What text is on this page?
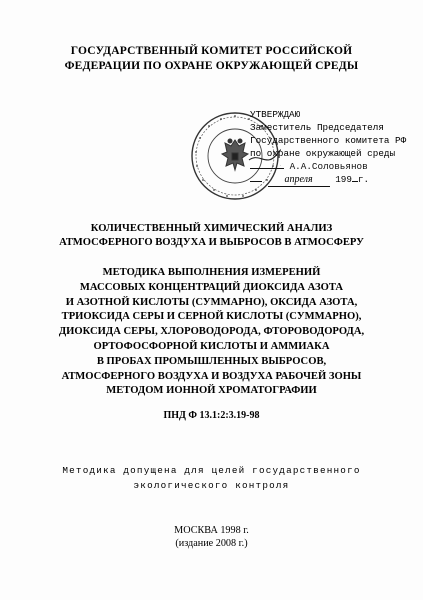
ГОСУДАРСТВЕННЫЙ КОМИТЕТ РОССИЙСКОЙ
ФЕДЕРАЦИИ ПО ОХРАНЕ ОКРУЖАЮЩЕЙ СРЕДЫ
УТВЕРЖДАЮ
Заместитель Председателя
Государственного комитета РФ
по охране окружающей среды
А.А.Соловьянов
апреля 199 г.
КОЛИЧЕСТВЕННЫЙ ХИМИЧЕСКИЙ АНАЛИЗ
АТМОСФЕРНОГО ВОЗДУХА И ВЫБРОСОВ В АТМОСФЕРУ
МЕТОДИКА ВЫПОЛНЕНИЯ ИЗМЕРЕНИЙ
МАССОВЫХ КОНЦЕНТРАЦИЙ ДИОКСИДА АЗОТА
И АЗОТНОЙ КИСЛОТЫ (СУММАРНО), ОКСИДА АЗОТА,
ТРИОКСИДА СЕРЫ И СЕРНОЙ КИСЛОТЫ (СУММАРНО),
ДИОКСИДА СЕРЫ, ХЛОРОВОДОРОДА, ФТОРОВОДОРОДА,
ОРТОФОСФОРНОЙ КИСЛОТЫ И АММИАКА
В ПРОБАХ ПРОМЫШЛЕННЫХ ВЫБРОСОВ,
АТМОСФЕРНОГО ВОЗДУХА И ВОЗДУХА РАБОЧЕЙ ЗОНЫ
МЕТОДОМ ИОННОЙ ХРОМАТОГРАФИИ
ПНД Ф 13.1:2:3.19-98
Методика допущена для целей государственного
экологического контроля
МОСКВА 1998 г.
(издание 2008 г.)
